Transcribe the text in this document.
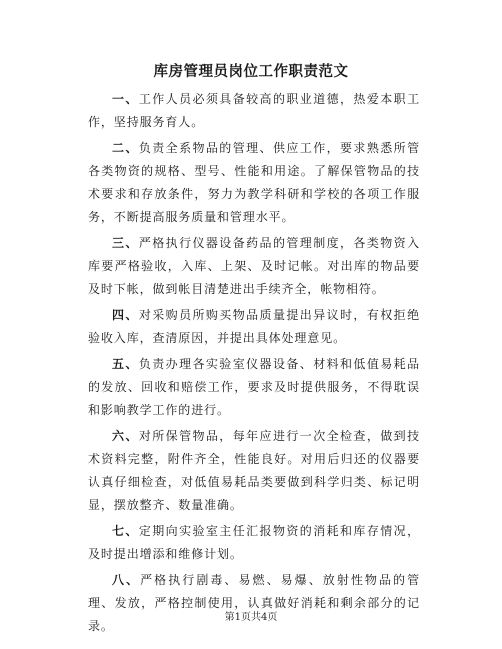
库房管理员岗位工作职责范文

一、工作人员必须具备较高的职业道德，热爱本职工作，坚持服务育人。

二、负责全系物品的管理、供应工作，要求熟悉所管各类物资的规格、型号、性能和用途。了解保管物品的技术要求和存放条件，努力为教学科研和学校的各项工作服务，不断提高服务质量和管理水平。

三、严格执行仪器设备药品的管理制度，各类物资入库要严格验收，入库、上架、及时记帐。对出库的物品要及时下帐，做到帐目清楚进出手续齐全，帐物相符。

四、对采购员所购买物品质量提出异议时，有权拒绝验收入库，查清原因，并提出具体处理意见。

五、负责办理各实验室仪器设备、材料和低值易耗品的发放、回收和赔偿工作，要求及时提供服务，不得耽误和影响教学工作的进行。

六、对所保管物品，每年应进行一次全检查，做到技术资料完整，附件齐全，性能良好。对用后归还的仪器要认真仔细检查，对低值易耗品类要做到科学归类、标记明显，摆放整齐、数量准确。

七、定期向实验室主任汇报物资的消耗和库存情况，及时提出增添和维修计划。

八、严格执行剧毒、易燃、易爆、放射性物品的管理、发放，严格控制使用，认真做好消耗和剩余部分的记录。

第1页共4页
